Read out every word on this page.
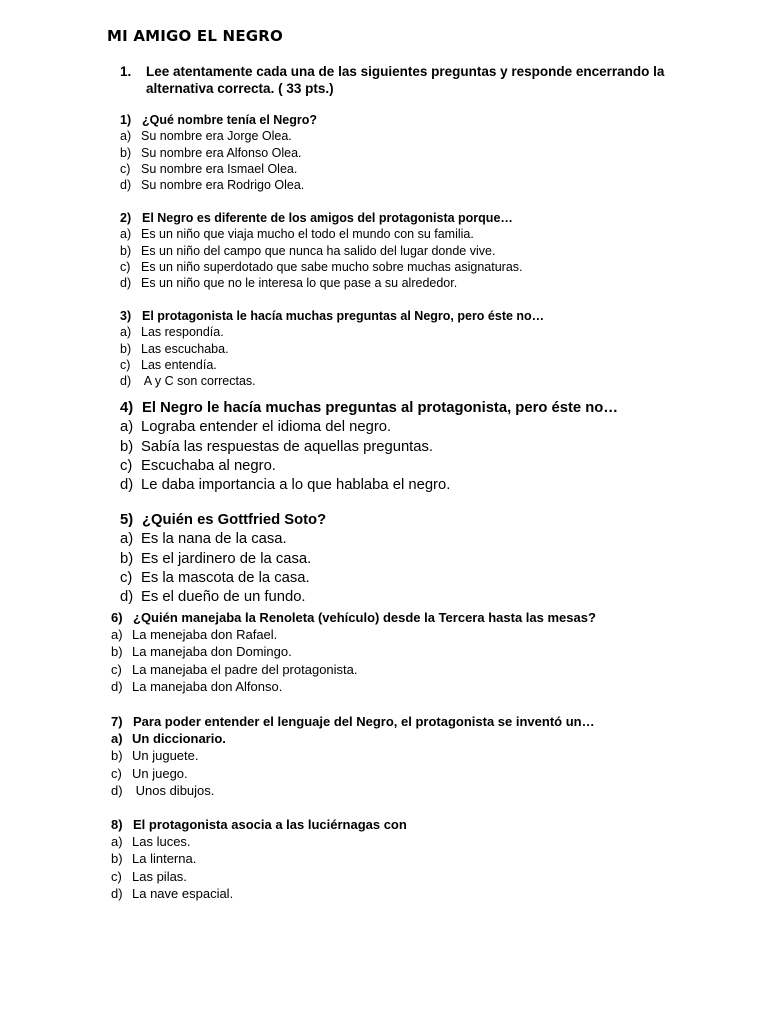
MI AMIGO EL NEGRO
1. Lee atentamente cada una de las siguientes preguntas y responde encerrando la alternativa correcta. ( 33 pts.)
1) ¿Qué nombre tenía el Negro?
a) Su nombre era Jorge Olea.
b) Su nombre era Alfonso Olea.
c) Su nombre era Ismael Olea.
d) Su nombre era Rodrigo Olea.
2) El Negro es diferente de los amigos del protagonista porque…
a) Es un niño que viaja mucho el todo el mundo con su familia.
b) Es un niño del campo que nunca ha salido del lugar donde vive.
c) Es un niño superdotado que sabe mucho sobre muchas asignaturas.
d) Es un niño que no le interesa lo que pase a su alrededor.
3) El protagonista le hacía muchas preguntas al Negro, pero éste no…
a) Las respondía.
b) Las escuchaba.
c) Las entendía.
d) A y C son correctas.
4) El Negro le hacía muchas preguntas al protagonista, pero éste no…
a) Lograba entender el idioma del negro.
b) Sabía las respuestas de aquellas preguntas.
c) Escuchaba al negro.
d) Le daba importancia a lo que hablaba el negro.
5) ¿Quién es Gottfried Soto?
a) Es la nana de la casa.
b) Es el jardinero de la casa.
c) Es la mascota de la casa.
d) Es el dueño de un fundo.
6) ¿Quién manejaba la Renoleta (vehículo) desde la Tercera hasta las mesas?
a) La menejaba don Rafael.
b) La manejaba don Domingo.
c) La manejaba el padre del protagonista.
d) La manejaba don Alfonso.
7) Para poder entender el lenguaje del Negro, el protagonista se inventó un…
a) Un diccionario.
b) Un juguete.
c) Un juego.
d) Unos dibujos.
8) El protagonista asocia a las luciérnagas con
a) Las luces.
b) La linterna.
c) Las pilas.
d) La nave espacial.
